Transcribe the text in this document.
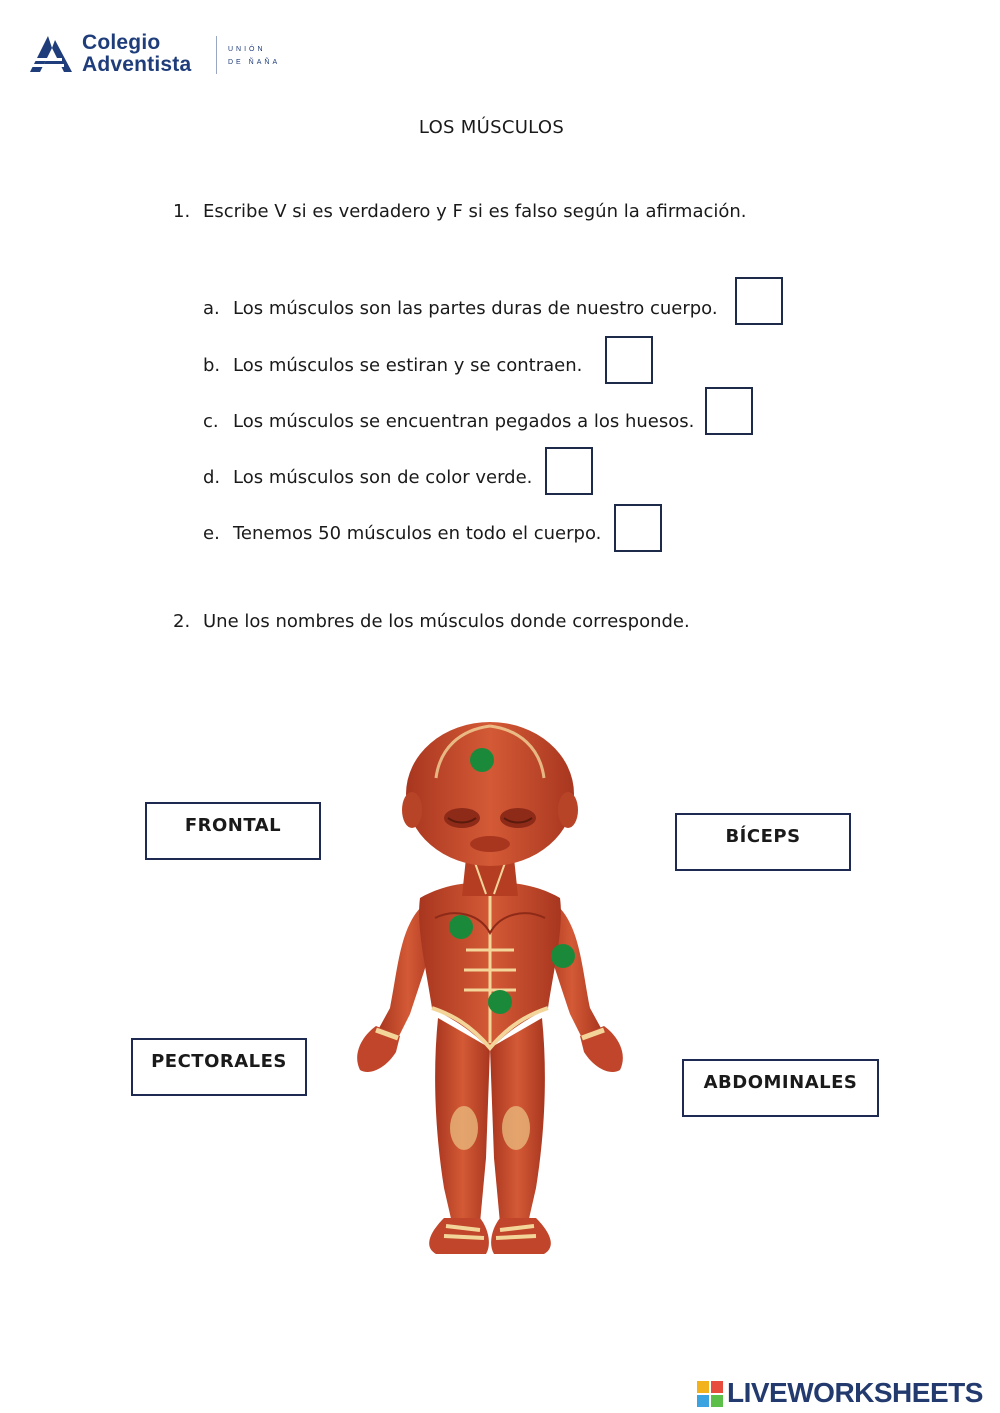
Colegio
Adventista
UNIÓN
DE ÑAÑA
LOS MÚSCULOS
1. Escribe V si es verdadero y F si es falso según la afirmación.
a. Los músculos son las partes duras de nuestro cuerpo.
b. Los músculos se estiran y se contraen.
c. Los músculos se encuentran pegados a los huesos.
d. Los músculos son de color verde.
e. Tenemos 50 músculos en todo el cuerpo.
2. Une los nombres de los músculos donde corresponde.
FRONTAL
BÍCEPS
PECTORALES
ABDOMINALES
LIVEWORKSHEETS
